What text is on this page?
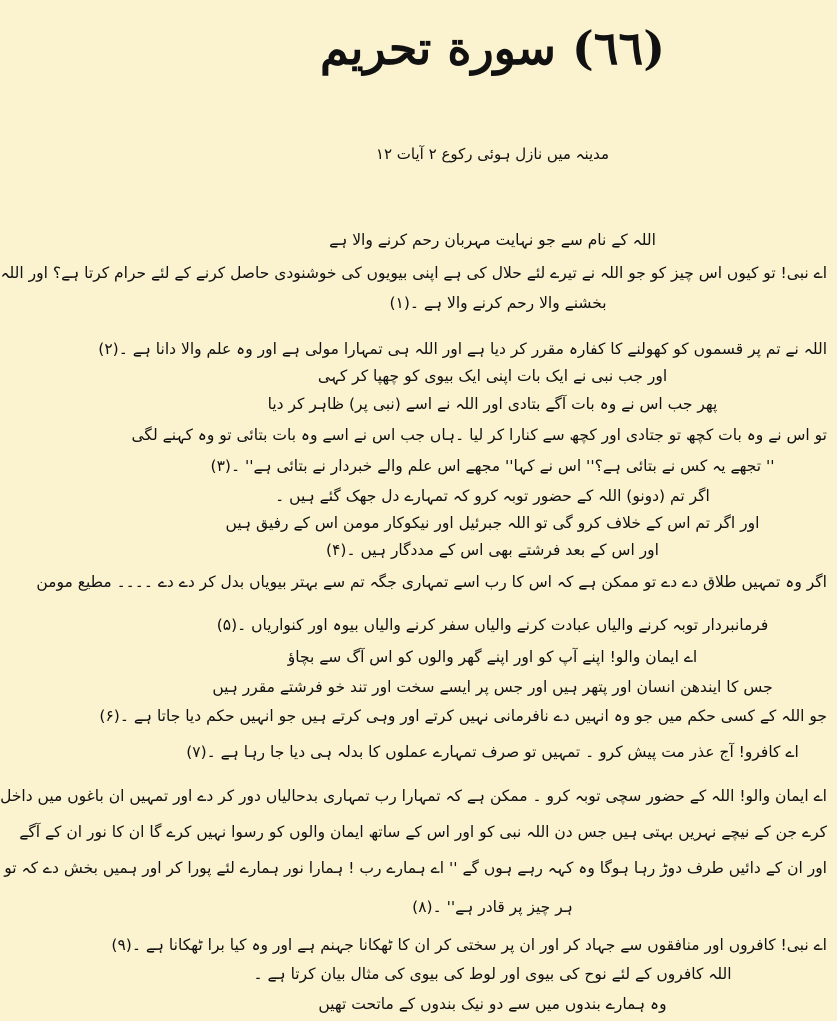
(٦٦) سورة تحریم
مدینہ میں نازل ہوئی رکوع ۲ آیات ۱۲
اللہ کے نام سے جو نہایت مہربان رحم کرنے والا ہے
اے نبی! تو کیوں اس چیز کو جو اللہ نے تیرے لئے حلال کی ہے اپنی بیویوں کی خوشنودی حاصل کرنے کے لئے حرام کرتا ہے؟ اور اللہ
بخشنے والا رحم کرنے والا ہے ۔(۱)
اللہ نے تم پر قسموں کو کھولنے کا کفارہ مقرر کر دیا ہے اور اللہ ہی تمہارا مولی ہے اور وہ علم والا دانا ہے ۔(۲)
اور جب نبی نے ایک بات اپنی ایک بیوی کو چھپا کر کہی
پھر جب اس نے وہ بات آگے بتادی اور اللہ نے اسے (نبی پر) ظاہر کر دیا
تو اس نے وہ بات کچھ تو جتادی اور کچھ سے کنارا کر لیا ۔ہاں جب اس نے اسے وہ بات بتائی تو وہ کہنے لگی
'' تجھے یہ کس نے بتائی ہے؟'' اس نے کہا'' مجھے اس علم والے خبردار نے بتائی ہے'' ۔(۳)
اگر تم (دونو) اللہ کے حضور توبہ کرو کہ تمہارے دل جھک گئے ہیں ۔
اور اگر تم اس کے خلاف کرو گی تو اللہ جبرئیل اور نیکوکار مومن اس کے رفیق ہیں
اور اس کے بعد فرشتے بھی اس کے مددگار ہیں ۔(۴)
اگر وہ تمہیں طلاق دے دے تو ممکن ہے کہ اس کا رب اسے تمہاری جگہ تم سے بہتر بیویاں بدل کر دے دے ۔۔۔۔ مطیع مومن
فرمانبردار توبہ کرنے والیاں عبادت کرنے والیاں سفر کرنے والیاں بیوہ اور کنواریاں ۔(۵)
اے ایمان والو! اپنے آپ کو اور اپنے گھر والوں کو اس آگ سے بچاؤ
جس کا ایندھن انسان اور پتھر ہیں اور جس پر ایسے سخت اور تند خو فرشتے مقرر ہیں
جو اللہ کے کسی حکم میں جو وہ انہیں دے نافرمانی نہیں کرتے اور وہی کرتے ہیں جو انہیں حکم دیا جاتا ہے ۔(۶)
اے کافرو! آج عذر مت پیش کرو ۔ تمہیں تو صرف تمہارے عملوں کا بدلہ ہی دیا جا رہا ہے ۔(۷)
اے ایمان والو! اللہ کے حضور سچی توبہ کرو ۔ ممکن ہے کہ تمہارا رب تمہاری بدحالیاں دور کر دے اور تمہیں ان باغوں میں داخل
کرے جن کے نیچے نہریں بہتی ہیں جس دن اللہ نبی کو اور اس کے ساتھ ایمان والوں کو رسوا نہیں کرے گا ان کا نور ان کے آگے
اور ان کے دائیں طرف دوڑ رہا ہوگا وہ کہہ رہے ہوں گے '' اے ہمارے رب ! ہمارا نور ہمارے لئے پورا کر اور ہمیں بخش دے کہ تو
ہر چیز پر قادر ہے'' ۔(۸)
اے نبی! کافروں اور منافقوں سے جہاد کر اور ان پر سختی کر ان کا ٹھکانا جہنم ہے اور وہ کیا برا ٹھکانا ہے ۔(۹)
اللہ کافروں کے لئے نوح کی بیوی اور لوط کی بیوی کی مثال بیان کرتا ہے ۔
وہ ہمارے بندوں میں سے دو نیک بندوں کے ماتحت تھیں
